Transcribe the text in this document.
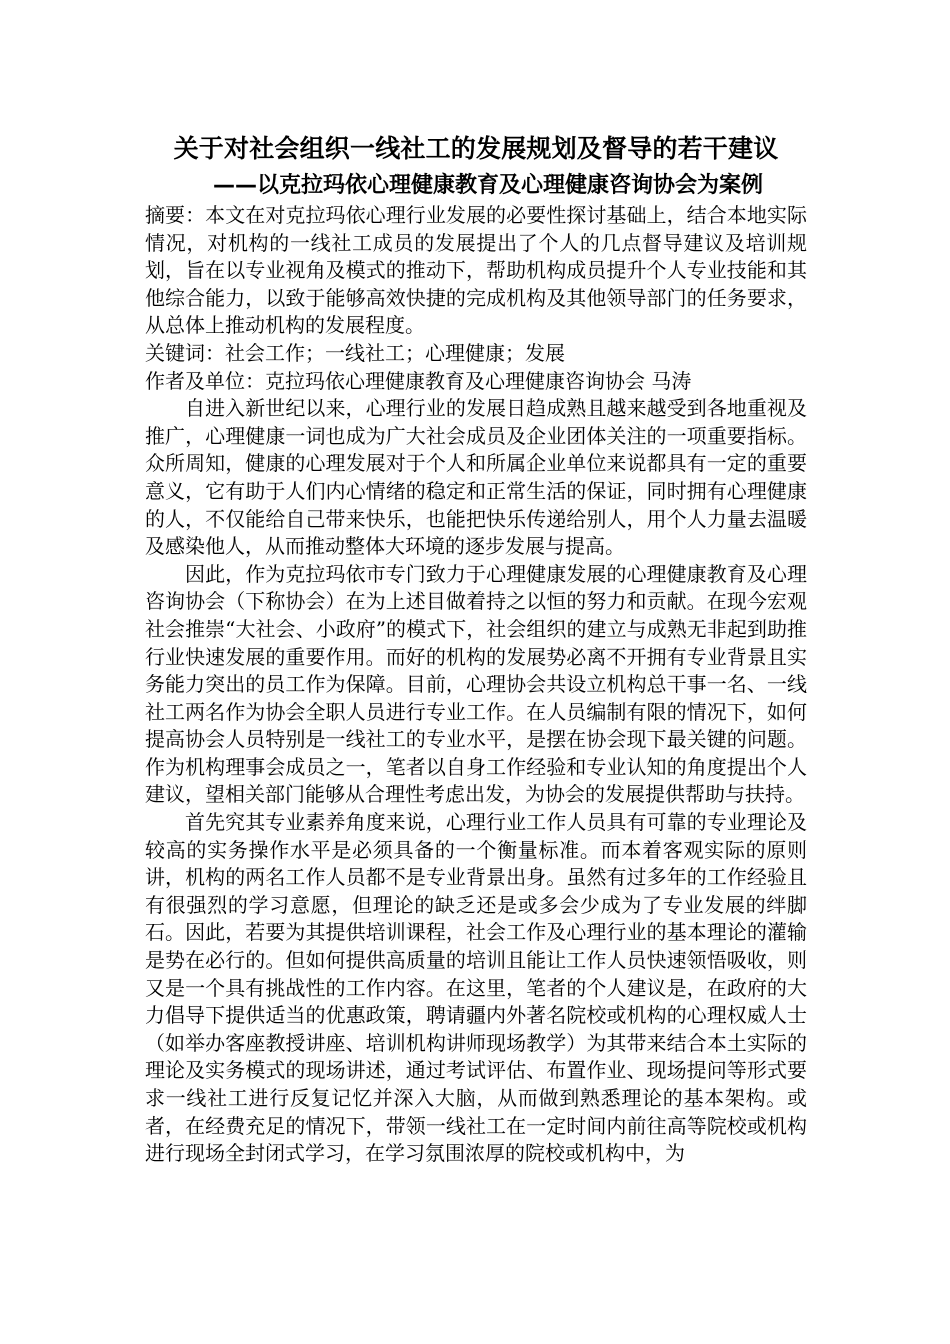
关于对社会组织一线社工的发展规划及督导的若干建议
——以克拉玛依心理健康教育及心理健康咨询协会为案例

摘要：本文在对克拉玛依心理行业发展的必要性探讨基础上，结合本地实际情况，对机构的一线社工成员的发展提出了个人的几点督导建议及培训规划，旨在以专业视角及模式的推动下，帮助机构成员提升个人专业技能和其他综合能力，以致于能够高效快捷的完成机构及其他领导部门的任务要求，从总体上推动机构的发展程度。

关键词：社会工作；一线社工；心理健康；发展

作者及单位：克拉玛依心理健康教育及心理健康咨询协会 马涛

自进入新世纪以来，心理行业的发展日趋成熟且越来越受到各地重视及推广，心理健康一词也成为广大社会成员及企业团体关注的一项重要指标。众所周知，健康的心理发展对于个人和所属企业单位来说都具有一定的重要意义，它有助于人们内心情绪的稳定和正常生活的保证，同时拥有心理健康的人，不仅能给自己带来快乐，也能把快乐传递给别人，用个人力量去温暖及感染他人，从而推动整体大环境的逐步发展与提高。

因此，作为克拉玛依市专门致力于心理健康发展的心理健康教育及心理咨询协会（下称协会）在为上述目做着持之以恒的努力和贡献。在现今宏观社会推崇“大社会、小政府”的模式下，社会组织的建立与成熟无非起到助推行业快速发展的重要作用。而好的机构的发展势必离不开拥有专业背景且实务能力突出的员工作为保障。目前，心理协会共设立机构总干事一名、一线社工两名作为协会全职人员进行专业工作。在人员编制有限的情况下，如何提高协会人员特别是一线社工的专业水平，是摆在协会现下最关键的问题。作为机构理事会成员之一，笔者以自身工作经验和专业认知的角度提出个人建议，望相关部门能够从合理性考虑出发，为协会的发展提供帮助与扶持。

首先究其专业素养角度来说，心理行业工作人员具有可靠的专业理论及较高的实务操作水平是必须具备的一个衡量标准。而本着客观实际的原则讲，机构的两名工作人员都不是专业背景出身。虽然有过多年的工作经验且有很强烈的学习意愿，但理论的缺乏还是或多会少成为了专业发展的绊脚石。因此，若要为其提供培训课程，社会工作及心理行业的基本理论的灌输是势在必行的。但如何提供高质量的培训且能让工作人员快速领悟吸收，则又是一个具有挑战性的工作内容。在这里，笔者的个人建议是，在政府的大力倡导下提供适当的优惠政策，聘请疆内外著名院校或机构的心理权威人士（如举办客座教授讲座、培训机构讲师现场教学）为其带来结合本土实际的理论及实务模式的现场讲述，通过考试评估、布置作业、现场提问等形式要求一线社工进行反复记忆并深入大脑，从而做到熟悉理论的基本架构。或者，在经费充足的情况下，带领一线社工在一定时间内前往高等院校或机构进行现场全封闭式学习，在学习氛围浓厚的院校或机构中，为
